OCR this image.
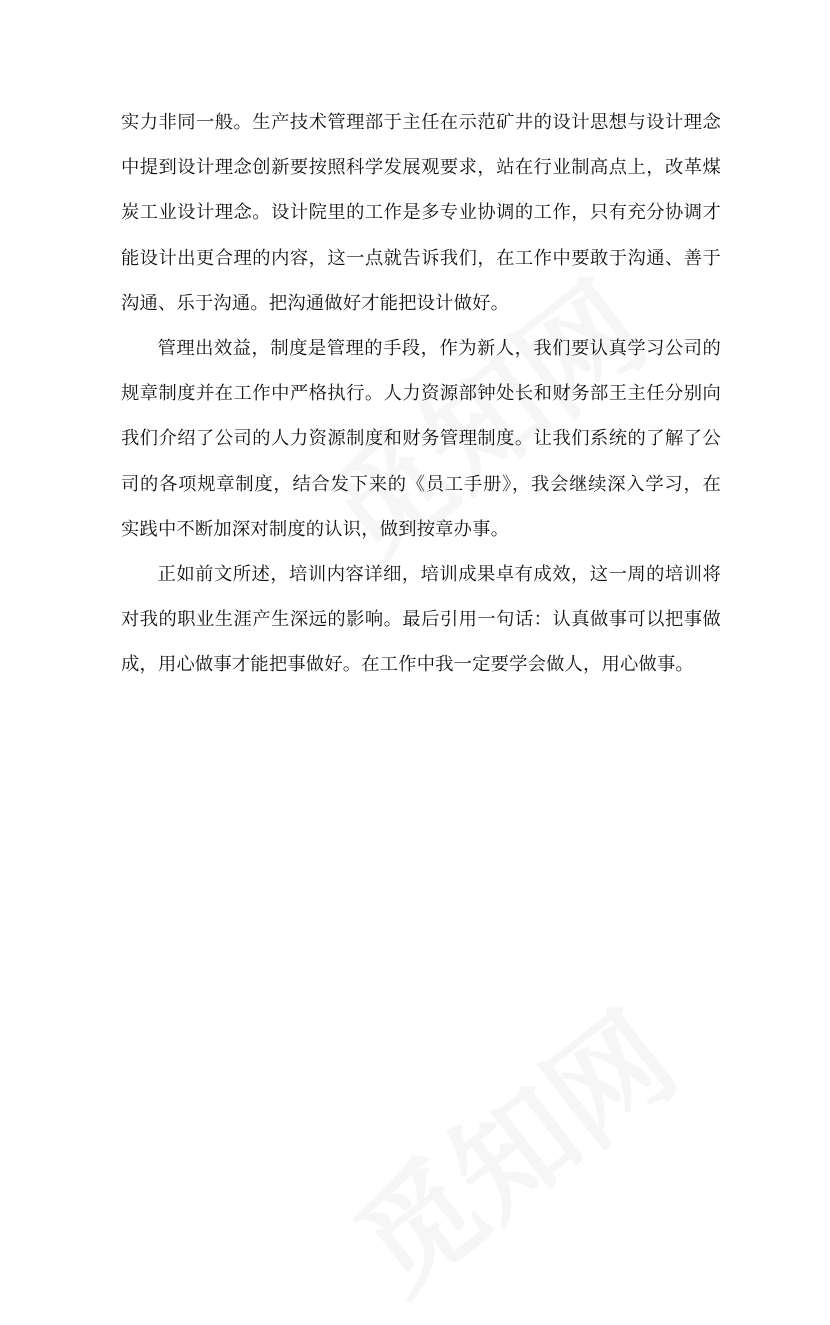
实力非同一般。生产技术管理部于主任在示范矿井的设计思想与设计理念中提到设计理念创新要按照科学发展观要求，站在行业制高点上，改革煤炭工业设计理念。设计院里的工作是多专业协调的工作，只有充分协调才能设计出更合理的内容，这一点就告诉我们，在工作中要敢于沟通、善于沟通、乐于沟通。把沟通做好才能把设计做好。

管理出效益，制度是管理的手段，作为新人，我们要认真学习公司的规章制度并在工作中严格执行。人力资源部钟处长和财务部王主任分别向我们介绍了公司的人力资源制度和财务管理制度。让我们系统的了解了公司的各项规章制度，结合发下来的《员工手册》，我会继续深入学习，在实践中不断加深对制度的认识，做到按章办事。

正如前文所述，培训内容详细，培训成果卓有成效，这一周的培训将对我的职业生涯产生深远的影响。最后引用一句话：认真做事可以把事做成，用心做事才能把事做好。在工作中我一定要学会做人，用心做事。
